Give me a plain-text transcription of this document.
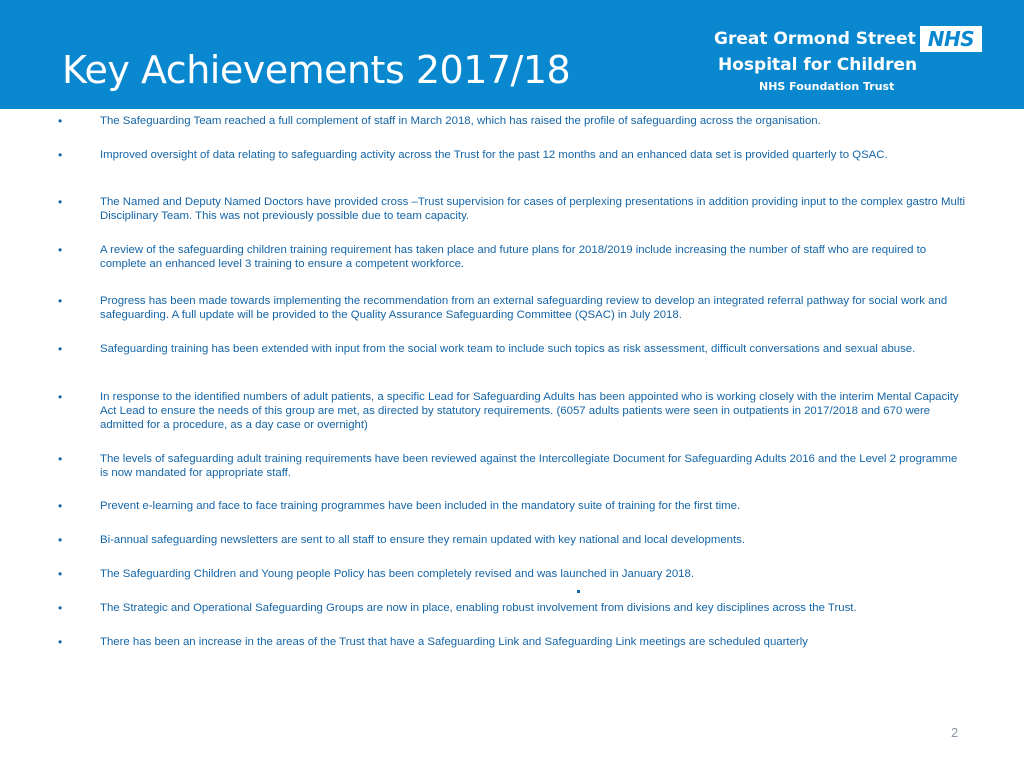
Key Achievements 2017/18
Great Ormond Street NHS
Hospital for Children
NHS Foundation Trust
•	The Safeguarding Team reached a full complement of staff in March 2018, which has raised the profile of safeguarding across the organisation.
•	Improved oversight of data relating to safeguarding activity across the Trust for the past 12 months and an enhanced data set is provided quarterly to QSAC.
•	The Named and Deputy Named Doctors have provided cross –Trust supervision for cases of perplexing presentations in addition providing input to the complex gastro Multi Disciplinary Team. This was not previously possible due to team capacity.
•	A review of the safeguarding children training requirement has taken place and future plans for 2018/2019 include increasing the number of staff who are required to complete an enhanced level 3 training to ensure a competent workforce.
•	Progress has been made towards implementing the recommendation from an external safeguarding review to develop an integrated referral pathway for social work and safeguarding. A full update will be provided to the Quality Assurance Safeguarding Committee (QSAC) in July 2018.
•	Safeguarding training has been extended with input from the social work team to include such topics as risk assessment, difficult conversations and sexual abuse.
•	In response to the identified numbers of adult patients, a specific Lead for Safeguarding Adults has been appointed who is working closely with the interim Mental Capacity Act Lead to ensure the needs of this group are met, as directed by statutory requirements. (6057 adults patients were seen in outpatients in 2017/2018 and 670 were admitted for a procedure, as a day case or overnight)
•	The levels of safeguarding adult training requirements have been reviewed against the Intercollegiate Document for Safeguarding Adults 2016 and the Level 2 programme is now mandated for appropriate staff.
•	Prevent e-learning and face to face training programmes have been included in the mandatory suite of training for the first time.
•	Bi-annual safeguarding newsletters are sent to all staff to ensure they remain updated with key national and local developments.
•	The Safeguarding Children and Young people Policy has been completely revised and was launched in January 2018.
•	The Strategic and Operational Safeguarding Groups are now in place, enabling robust involvement from divisions and key disciplines across the Trust.
•	There has been an increase in the areas of the Trust that have a Safeguarding Link and Safeguarding Link meetings are scheduled quarterly
2
